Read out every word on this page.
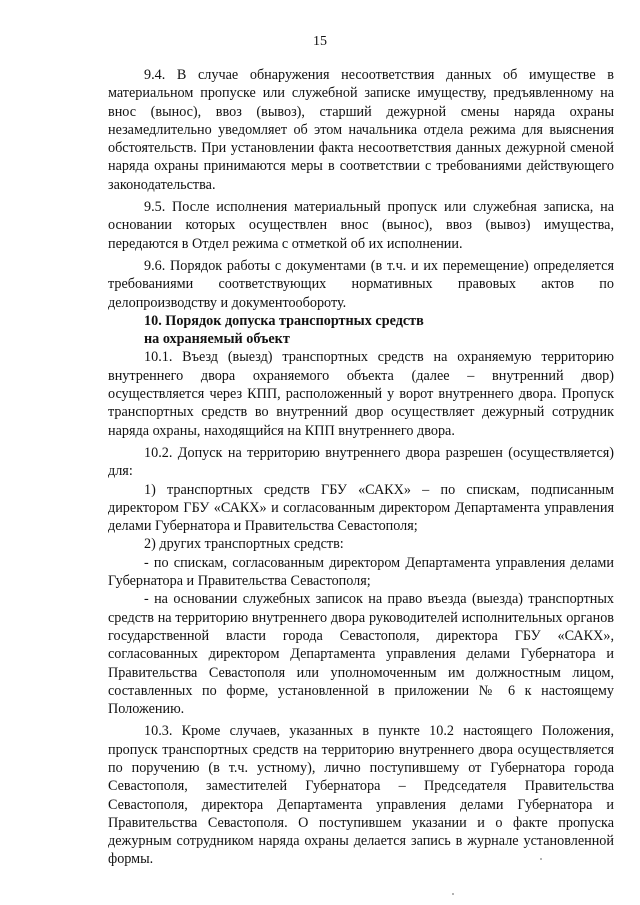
15

9.4. В случае обнаружения несоответствия данных об имуществе в материальном пропуске или служебной записке имуществу, предъявленному на внос (вынос), ввоз (вывоз), старший дежурной смены наряда охраны незамедлительно уведомляет об этом начальника отдела режима для выяснения обстоятельств. При установлении факта несоответствия данных дежурной сменой наряда охраны принимаются меры в соответствии с требованиями действующего законодательства.

9.5. После исполнения материальный пропуск или служебная записка, на основании которых осуществлен внос (вынос), ввоз (вывоз) имущества, передаются в Отдел режима с отметкой об их исполнении.

9.6. Порядок работы с документами (в т.ч. и их перемещение) определяется требованиями соответствующих нормативных правовых актов по делопроизводству и документообороту.

10. Порядок допуска транспортных средств
на охраняемый объект

10.1. Въезд (выезд) транспортных средств на охраняемую территорию внутреннего двора охраняемого объекта (далее – внутренний двор) осуществляется через КПП, расположенный у ворот внутреннего двора. Пропуск транспортных средств во внутренний двор осуществляет дежурный сотрудник наряда охраны, находящийся на КПП внутреннего двора.

10.2. Допуск на территорию внутреннего двора разрешен (осуществляется) для:

1) транспортных средств ГБУ «САКХ» – по спискам, подписанным директором ГБУ «САКХ» и согласованным директором Департамента управления делами Губернатора и Правительства Севастополя;

2) других транспортных средств:

- по спискам, согласованным директором Департамента управления делами Губернатора и Правительства Севастополя;

- на основании служебных записок на право въезда (выезда) транспортных средств на территорию внутреннего двора руководителей исполнительных органов государственной власти города Севастополя, директора ГБУ «САКХ», согласованных директором Департамента управления делами Губернатора и Правительства Севастополя или уполномоченным им должностным лицом, составленных по форме, установленной в приложении № 6 к настоящему Положению.

10.3. Кроме случаев, указанных в пункте 10.2 настоящего Положения, пропуск транспортных средств на территорию внутреннего двора осуществляется по поручению (в т.ч. устному), лично поступившему от Губернатора города Севастополя, заместителей Губернатора – Председателя Правительства Севастополя, директора Департамента управления делами Губернатора и Правительства Севастополя. О поступившем указании и о факте пропуска дежурным сотрудником наряда охраны делается запись в журнале установленной формы.
